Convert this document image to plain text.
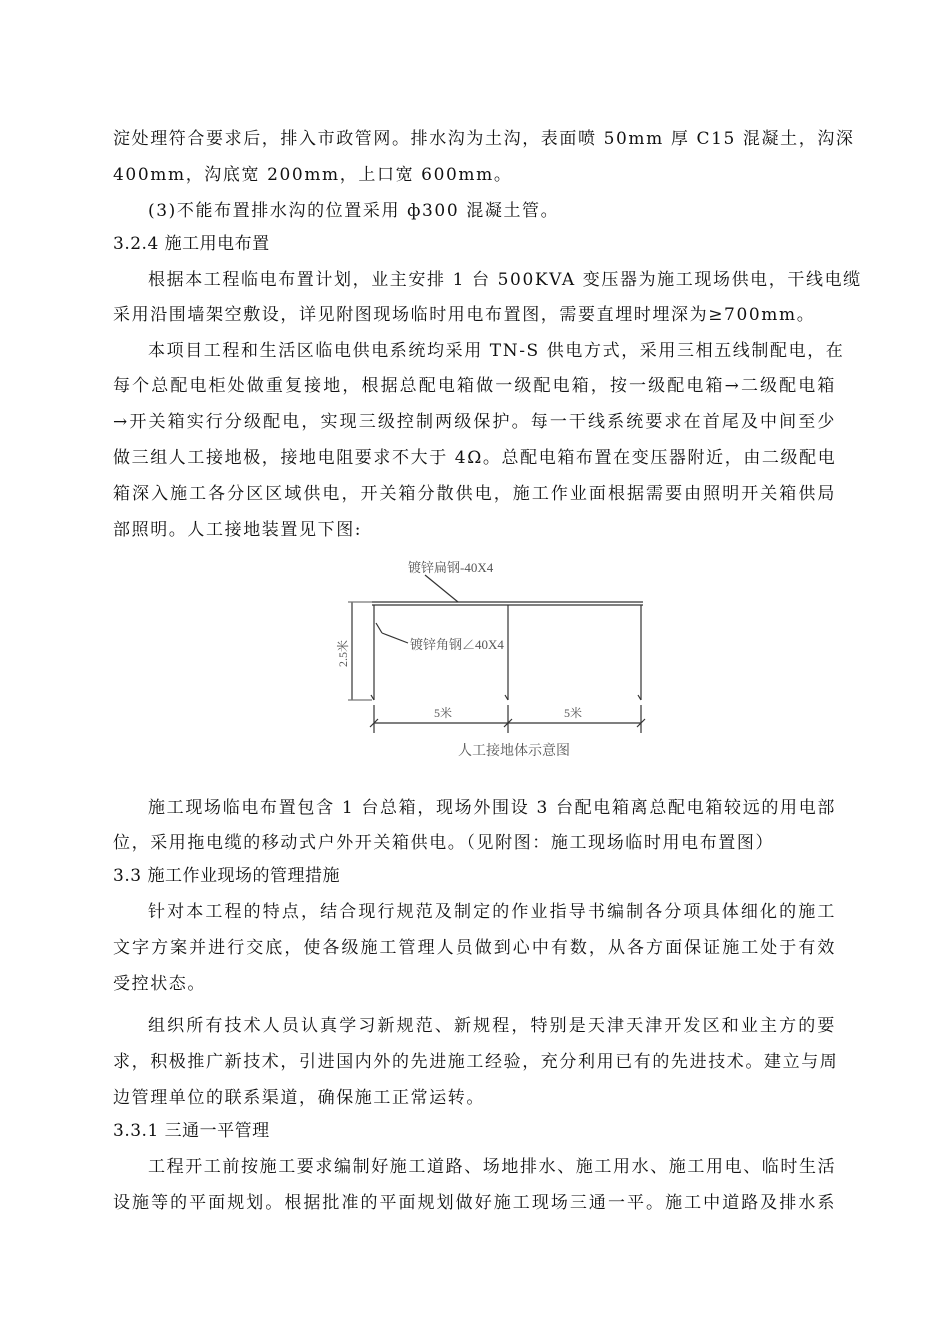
淀处理符合要求后，排入市政管网。排水沟为土沟，表面喷 50mm 厚 C15 混凝土，沟深
400mm，沟底宽 200mm，上口宽 600mm。
(3)不能布置排水沟的位置采用 ф300 混凝土管。
3.2.4 施工用电布置
根据本工程临电布置计划，业主安排 1 台 500KVA 变压器为施工现场供电，干线电缆
采用沿围墙架空敷设，详见附图现场临时用电布置图，需要直埋时埋深为≥700mm。
本项目工程和生活区临电供电系统均采用 TN-S 供电方式，采用三相五线制配电，在
每个总配电柜处做重复接地，根据总配电箱做一级配电箱，按一级配电箱→二级配电箱
→开关箱实行分级配电，实现三级控制两级保护。每一干线系统要求在首尾及中间至少
做三组人工接地极，接地电阻要求不大于 4Ω。总配电箱布置在变压器附近，由二级配电
箱深入施工各分区区域供电，开关箱分散供电，施工作业面根据需要由照明开关箱供局
部照明。人工接地装置见下图:
镀锌扁钢-40X4
镀锌角钢∠40X4
2.5米
5米	5米
人工接地体示意图
施工现场临电布置包含 1 台总箱，现场外围设 3 台配电箱离总配电箱较远的用电部
位，采用拖电缆的移动式户外开关箱供电。（见附图：施工现场临时用电布置图）
3.3 施工作业现场的管理措施
针对本工程的特点，结合现行规范及制定的作业指导书编制各分项具体细化的施工
文字方案并进行交底，使各级施工管理人员做到心中有数，从各方面保证施工处于有效
受控状态。
组织所有技术人员认真学习新规范、新规程，特别是天津天津开发区和业主方的要
求，积极推广新技术，引进国内外的先进施工经验，充分利用已有的先进技术。建立与周
边管理单位的联系渠道，确保施工正常运转。
3.3.1 三通一平管理
工程开工前按施工要求编制好施工道路、场地排水、施工用水、施工用电、临时生活
设施等的平面规划。根据批准的平面规划做好施工现场三通一平。施工中道路及排水系
